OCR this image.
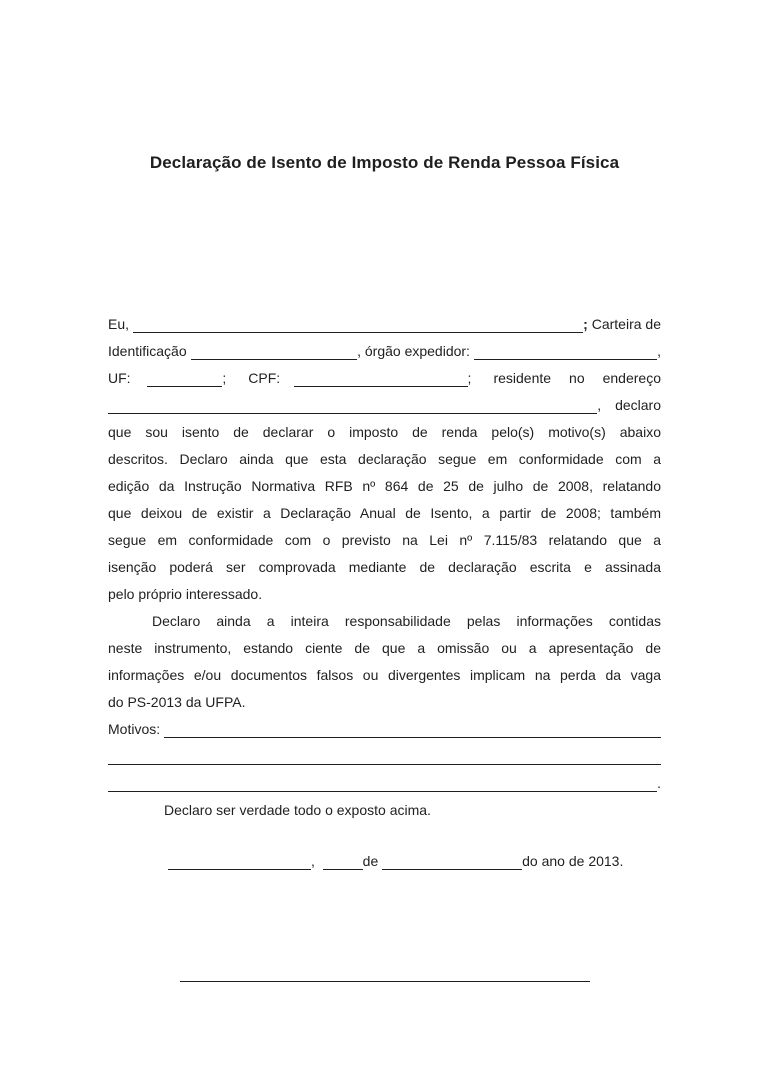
Declaração de Isento de Imposto de Renda Pessoa Física
Eu,	; Carteira de
Identificação	, órgão expedidor:	,
UF:	; CPF:	; residente no endereço
, declaro
que sou isento de declarar o imposto de renda pelo(s) motivo(s) abaixo
descritos. Declaro ainda que esta declaração segue em conformidade com a
edição da Instrução Normativa RFB nº 864 de 25 de julho de 2008, relatando
que deixou de existir a Declaração Anual de Isento, a partir de 2008; também
segue em conformidade com o previsto na Lei nº 7.115/83 relatando que a
isenção poderá ser comprovada mediante de declaração escrita e assinada
pelo próprio interessado.
Declaro ainda a inteira responsabilidade pelas informações contidas
neste instrumento, estando ciente de que a omissão ou a apresentação de
informações e/ou documentos falsos ou divergentes implicam na perda da vaga
do PS-2013 da UFPA.
Motivos:
.
Declaro ser verdade todo o exposto acima.
,	de	do ano de 2013.
